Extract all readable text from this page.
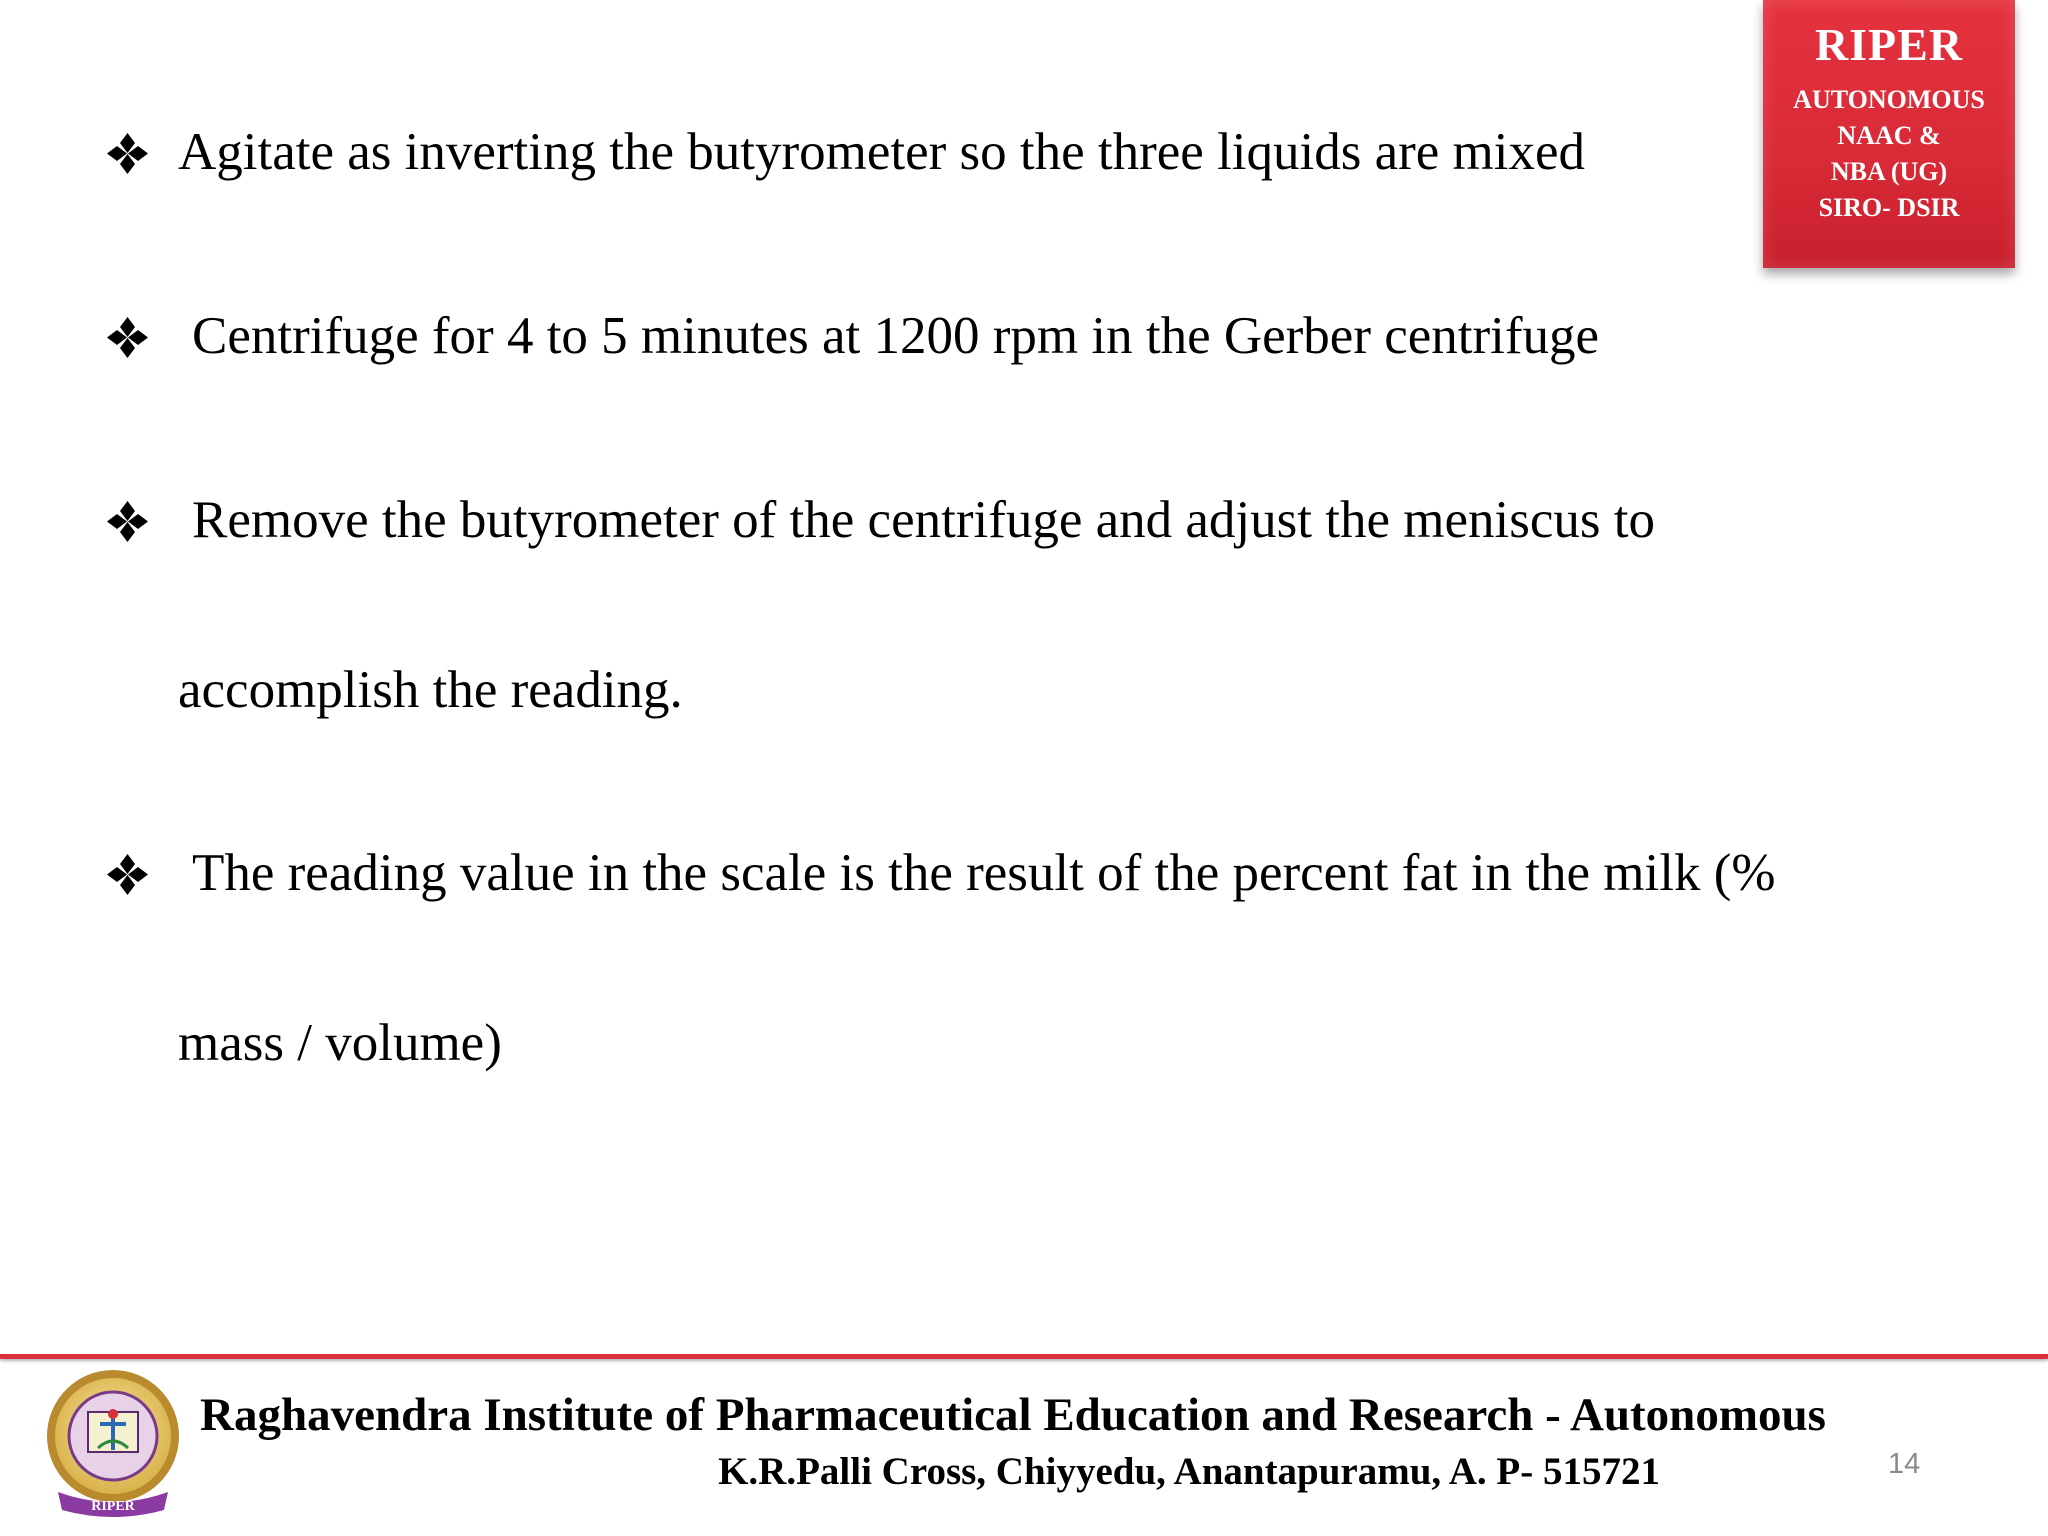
RIPER
AUTONOMOUS
NAAC &
NBA (UG)
SIRO- DSIR
Agitate as inverting the butyrometer so the three liquids are mixed
Centrifuge for 4 to 5 minutes at 1200 rpm in the Gerber centrifuge
Remove the butyrometer of the centrifuge and adjust the meniscus to
accomplish the reading.
The reading value in the scale is the result of the percent fat in the milk (%
mass / volume)
RIPER
Raghavendra Institute of Pharmaceutical Education and Research - Autonomous
K.R.Palli Cross, Chiyyedu, Anantapuramu, A. P- 515721	14
